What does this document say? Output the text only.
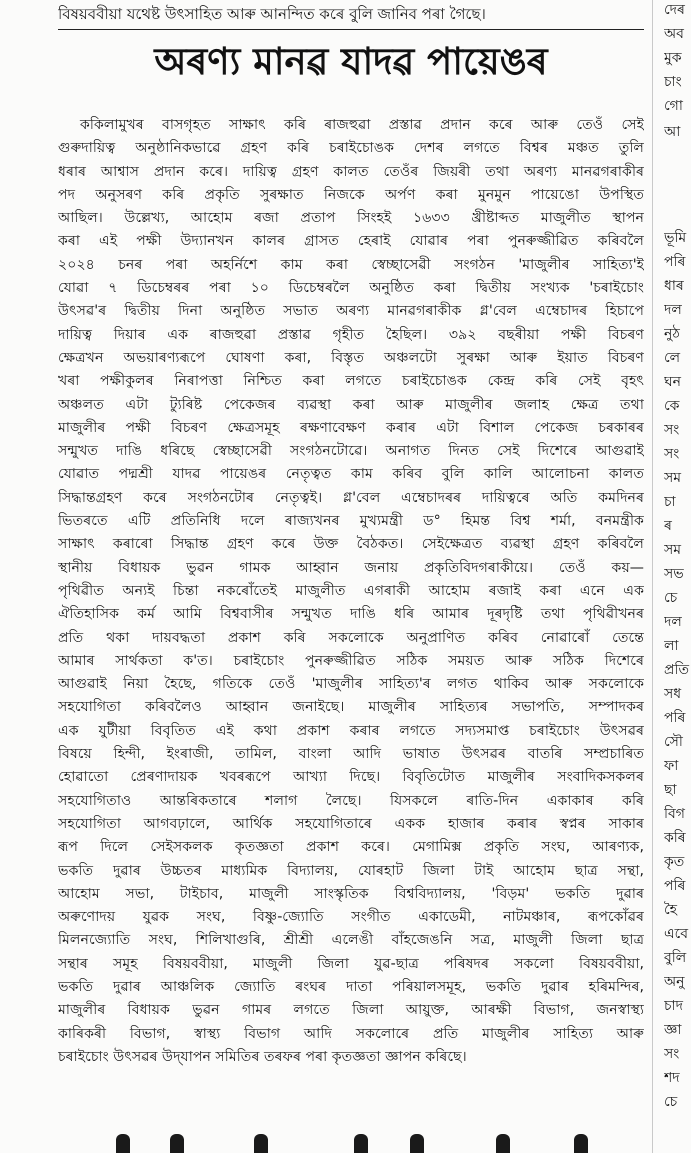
বিষয়ববীয়া যথেষ্ট উৎসাহিত আৰু আনন্দিত কৰে বুলি জানিব পৰা গৈছে।
অৰণ্য মানৱ যাদৱ পায়েঙৰ
ককিলামুখৰ বাসগৃহত সাক্ষাৎ কৰি ৰাজহুৱা প্ৰস্তাৱ প্ৰদান কৰে আৰু তেওঁ সেই
গুৰুদায়িত্ব অনুষ্ঠানিকভাৱে গ্ৰহণ কৰি চৰাইচোঙক দেশৰ লগতে বিশ্বৰ মঞ্চত তুলি
ধৰাৰ আশ্বাস প্ৰদান কৰে। দায়িত্ব গ্ৰহণ কালত তেওঁৰ জিয়ৰী তথা অৰণ্য মানৱগৰাকীৰ
পদ অনুসৰণ কৰি প্ৰকৃতি সুৰক্ষাত নিজকে অৰ্পণ কৰা মুনমুন পায়েঙো উপস্থিত
আছিল। উল্লেখ্য, আহোম ৰজা প্ৰতাপ সিংহই ১৬৩৩ খ্ৰীষ্টাব্দত মাজুলীত স্থাপন
কৰা এই পক্ষী উদ্যানখন কালৰ গ্ৰাসত হেৰাই যোৱাৰ পৰা পুনৰুজ্জীৱিত কৰিবলৈ
২০২৪ চনৰ পৰা অহৰ্নিশে কাম কৰা স্বেচ্ছাসেৱী সংগঠন 'মাজুলীৰ সাহিত্য'ই
যোৱা ৭ ডিচেম্বৰৰ পৰা ১০ ডিচেম্বৰলৈ অনুষ্ঠিত কৰা দ্বিতীয় সংখ্যক 'চৰাইচোং
উৎসৱ'ৰ দ্বিতীয় দিনা অনুষ্ঠিত সভাত অৰণ্য মানৱগৰাকীক গ্ল'বেল এম্বেচাদৰ হিচাপে
দায়িত্ব দিয়াৰ এক ৰাজহুৱা প্ৰস্তাৱ গৃহীত হৈছিল। ৩৯২ বছৰীয়া পক্ষী বিচৰণ
ক্ষেত্ৰখন অভয়াৰণ্যৰূপে ঘোষণা কৰা, বিস্তৃত অঞ্চলটো সুৰক্ষা আৰু ইয়াত বিচৰণ
খৰা পক্ষীকুলৰ নিৰাপত্তা নিশ্চিত কৰা লগতে চৰাইচোঙক কেন্দ্ৰ কৰি সেই বৃহৎ
অঞ্চলত এটা ট্যুৰিষ্ট পেকেজৰ ব্যৱস্থা কৰা আৰু মাজুলীৰ জলাহ ক্ষেত্ৰ তথা
মাজুলীৰ পক্ষী বিচৰণ ক্ষেত্ৰসমূহ ৰক্ষণাবেক্ষণ কৰাৰ এটা বিশাল পেকেজ চৰকাৰৰ
সন্মুখত দাঙি ধৰিছে স্বেচ্ছাসেৱী সংগঠনটোৱে। অনাগত দিনত সেই দিশেৰে আগুৱাই
যোৱাত পদ্মশ্ৰী যাদৱ পায়েঙৰ নেতৃত্বত কাম কৰিব বুলি কালি আলোচনা কালত
সিদ্ধান্তগ্ৰহণ কৰে সংগঠনটোৰ নেতৃত্বই। গ্ল'বেল এম্বেচাদৰৰ দায়িত্বৰে অতি কমদিনৰ
ভিতৰতে এটি প্ৰতিনিধি দলে ৰাজ্যখনৰ মুখ্যমন্ত্ৰী ড° হিমন্ত বিশ্ব শৰ্মা, বনমন্ত্ৰীক
সাক্ষাৎ কৰাৰো সিদ্ধান্ত গ্ৰহণ কৰে উক্ত বৈঠকত। সেইক্ষেত্ৰত ব্যৱস্থা গ্ৰহণ কৰিবলৈ
স্থানীয় বিধায়ক ভুৱন গামক আহ্বান জনায় প্ৰকৃতিবিদগৰাকীয়ে। তেওঁ কয়—
পৃথিৱীত অন্যই চিন্তা নকৰোঁতেই মাজুলীত এগৰাকী আহোম ৰজাই কৰা এনে এক
ঐতিহাসিক কৰ্ম আমি বিশ্ববাসীৰ সন্মুখত দাঙি ধৰি আমাৰ দূৰদৃষ্টি তথা পৃথিৱীখনৰ
প্ৰতি থকা দায়বদ্ধতা প্ৰকাশ কৰি সকলোকে অনুপ্ৰাণিত কৰিব নোৱাৰোঁ তেন্তে
আমাৰ সাৰ্থকতা ক'ত। চৰাইচোং পুনৰুজ্জীৱিত সঠিক সময়ত আৰু সঠিক দিশেৰে
আগুৱাই নিয়া হৈছে, গতিকে তেওঁ 'মাজুলীৰ সাহিত্য'ৰ লগত থাকিব আৰু সকলোকে
সহযোগিতা কৰিবলৈও আহ্বান জনাইছে। মাজুলীৰ সাহিত্যৰ সভাপতি, সম্পাদকৰ
এক যুটীয়া বিবৃতিত এই কথা প্ৰকাশ কৰাৰ লগতে সদ্যসমাপ্ত চৰাইচোং উৎসৱৰ
বিষয়ে হিন্দী, ইংৰাজী, তামিল, বাংলা আদি ভাষাত উৎসৱৰ বাতৰি সম্প্ৰচাৰিত
হোৱাতো প্ৰেৰণাদায়ক খবৰৰূপে আখ্যা দিছে। বিবৃতিটোত মাজুলীৰ সংবাদিকসকলৰ
সহযোগিতাও আন্তৰিকতাৰে শলাগ লৈছে। যিসকলে ৰাতি-দিন একাকাৰ কৰি
সহযোগিতা আগবঢ়ালে, আৰ্থিক সহযোগিতাৰে একক হাজাৰ কৰাৰ স্বপ্নৰ সাকাৰ
ৰূপ দিলে সেইসকলক কৃতজ্ঞতা প্ৰকাশ কৰে। মেগামিক্স প্ৰকৃতি সংঘ, আৰণ্যক,
ভকতি দুৱাৰ উচ্চতৰ মাধ্যমিক বিদ্যালয়, যোৰহাট জিলা টাই আহোম ছাত্ৰ সন্থা,
আহোম সভা, টাইচাব, মাজুলী সাংস্কৃতিক বিশ্ববিদ্যালয়, 'বিড়ম' ভকতি দুৱাৰ
অৰুণোদয় যুৱক সংঘ, বিষ্ণু-জ্যোতি সংগীত একাডেমী, নাটমঞ্চাৰ, ৰূপকোঁৱৰ
মিলনজ্যোতি সংঘ, শিলিখাগুৰি, শ্ৰীশ্ৰী এলেঙী বাঁহজেঙনি সত্ৰ, মাজুলী জিলা ছাত্ৰ
সন্থাৰ সমূহ বিষয়ববীয়া, মাজুলী জিলা যুৱ-ছাত্ৰ পৰিষদৰ সকলো বিষয়ববীয়া,
ভকতি দুৱাৰ আঞ্চলিক জ্যোতি ৰংঘৰ দাতা পৰিয়ালসমূহ, ভকতি দুৱাৰ হৰিমন্দিৰ,
মাজুলীৰ বিধায়ক ভুৱন গামৰ লগতে জিলা আয়ুক্ত, আৰক্ষী বিভাগ, জনস্বাস্থ্য
কাৰিকৰী বিভাগ, স্বাস্থ্য বিভাগ আদি সকলোৰে প্ৰতি মাজুলীৰ সাহিত্য আৰু
চৰাইচোং উৎসৱৰ উদ্‌যাপন সমিতিৰ তৰফৰ পৰা কৃতজ্ঞতা জ্ঞাপন কৰিছে।
দেৰ
অব
মুক
চাং
গো
আ
ভূমি
পৰি
ধাৰ
দল
নুঠ
লে
ঘন
কে
সং
সং
সম
চা
ৰ
সম
সভ
চে
দল
লা
প্ৰতি
সধ
পৰি
সৌ
ফা
ছা
বিগ
কৰি
কৃত
পৰি
হৈ
এবে
বুলি
অনু
চাদ
জ্ঞা
সং
শদ
চে
